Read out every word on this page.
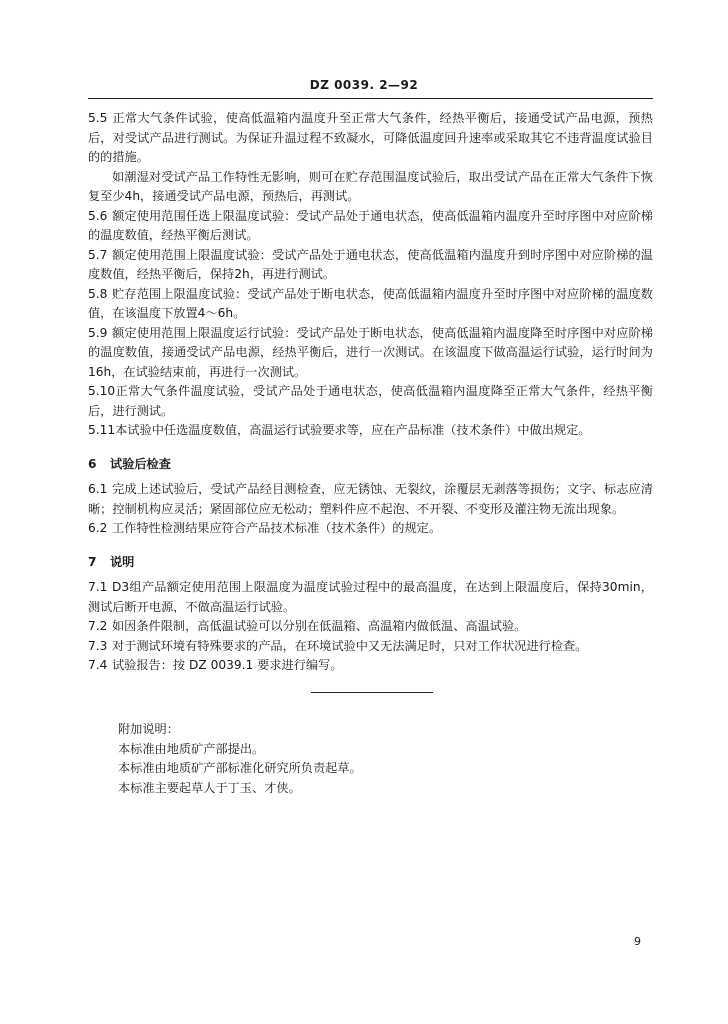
DZ 0039. 2—92

5.5 正常大气条件试验，使高低温箱内温度升至正常大气条件，经热平衡后，接通受试产品电源，预热后，对受试产品进行测试。为保证升温过程不致凝水，可降低温度回升速率或采取其它不违背温度试验目的的措施。

如潮湿对受试产品工作特性无影响，则可在贮存范围温度试验后，取出受试产品在正常大气条件下恢复至少4h，接通受试产品电源，预热后，再测试。

5.6 额定使用范围任选上限温度试验：受试产品处于通电状态，使高低温箱内温度升至时序图中对应阶梯的温度数值，经热平衡后测试。

5.7 额定使用范围上限温度试验：受试产品处于通电状态，使高低温箱内温度升到时序图中对应阶梯的温度数值，经热平衡后，保持2h，再进行测试。

5.8 贮存范围上限温度试验：受试产品处于断电状态，使高低温箱内温度升至时序图中对应阶梯的温度数值，在该温度下放置4～6h。

5.9 额定使用范围上限温度运行试验：受试产品处于断电状态，使高低温箱内温度降至时序图中对应阶梯的温度数值，接通受试产品电源，经热平衡后，进行一次测试。在该温度下做高温运行试验，运行时间为16h，在试验结束前，再进行一次测试。

5.10正常大气条件温度试验，受试产品处于通电状态，使高低温箱内温度降至正常大气条件，经热平衡后，进行测试。

5.11本试验中任选温度数值，高温运行试验要求等，应在产品标准（技术条件）中做出规定。

6 试验后检查

6.1 完成上述试验后，受试产品经目测检查，应无锈蚀、无裂纹，涂覆层无剥落等损伤；文字、标志应清晰；控制机构应灵活；紧固部位应无松动；塑料件应不起泡、不开裂、不变形及灌注物无流出现象。

6.2 工作特性检测结果应符合产品技术标准（技术条件）的规定。

7 说明

7.1 D3组产品额定使用范围上限温度为温度试验过程中的最高温度，在达到上限温度后，保持30min，测试后断开电源，不做高温运行试验。

7.2 如因条件限制，高低温试验可以分别在低温箱、高温箱内做低温、高温试验。

7.3 对于测试环境有特殊要求的产品，在环境试验中又无法满足时，只对工作状况进行检查。

7.4 试验报告：按 DZ 0039.1 要求进行编写。

附加说明：

本标准由地质矿产部提出。

本标准由地质矿产部标准化研究所负责起草。

本标准主要起草人于丁玉、才侠。

9
